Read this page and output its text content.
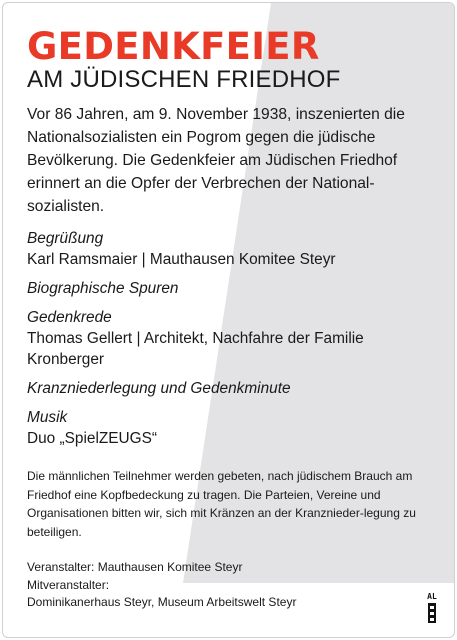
GEDENKFEIER
AM JÜDISCHEN FRIEDHOF

Vor 86 Jahren, am 9. November 1938, inszenierten die Nationalsozialisten ein Pogrom gegen die jüdische Bevölkerung. Die Gedenkfeier am Jüdischen Friedhof erinnert an die Opfer der Verbrechen der National-sozialisten.

Begrüßung
Karl Ramsmaier | Mauthausen Komitee Steyr
Biographische Spuren
Gedenkrede
Thomas Gellert | Architekt, Nachfahre der Familie Kronberger
Kranzniederlegung und Gedenkminute
Musik
Duo „SpielZEUGS“

Die männlichen Teilnehmer werden gebeten, nach jüdischem Brauch am Friedhof eine Kopfbedeckung zu tragen. Die Parteien, Vereine und Organisationen bitten wir, sich mit Kränzen an der Kranznieder-legung zu beteiligen.

Veranstalter: Mauthausen Komitee Steyr
Mitveranstalter:
Dominikanerhaus Steyr, Museum Arbeitswelt Steyr	AL
